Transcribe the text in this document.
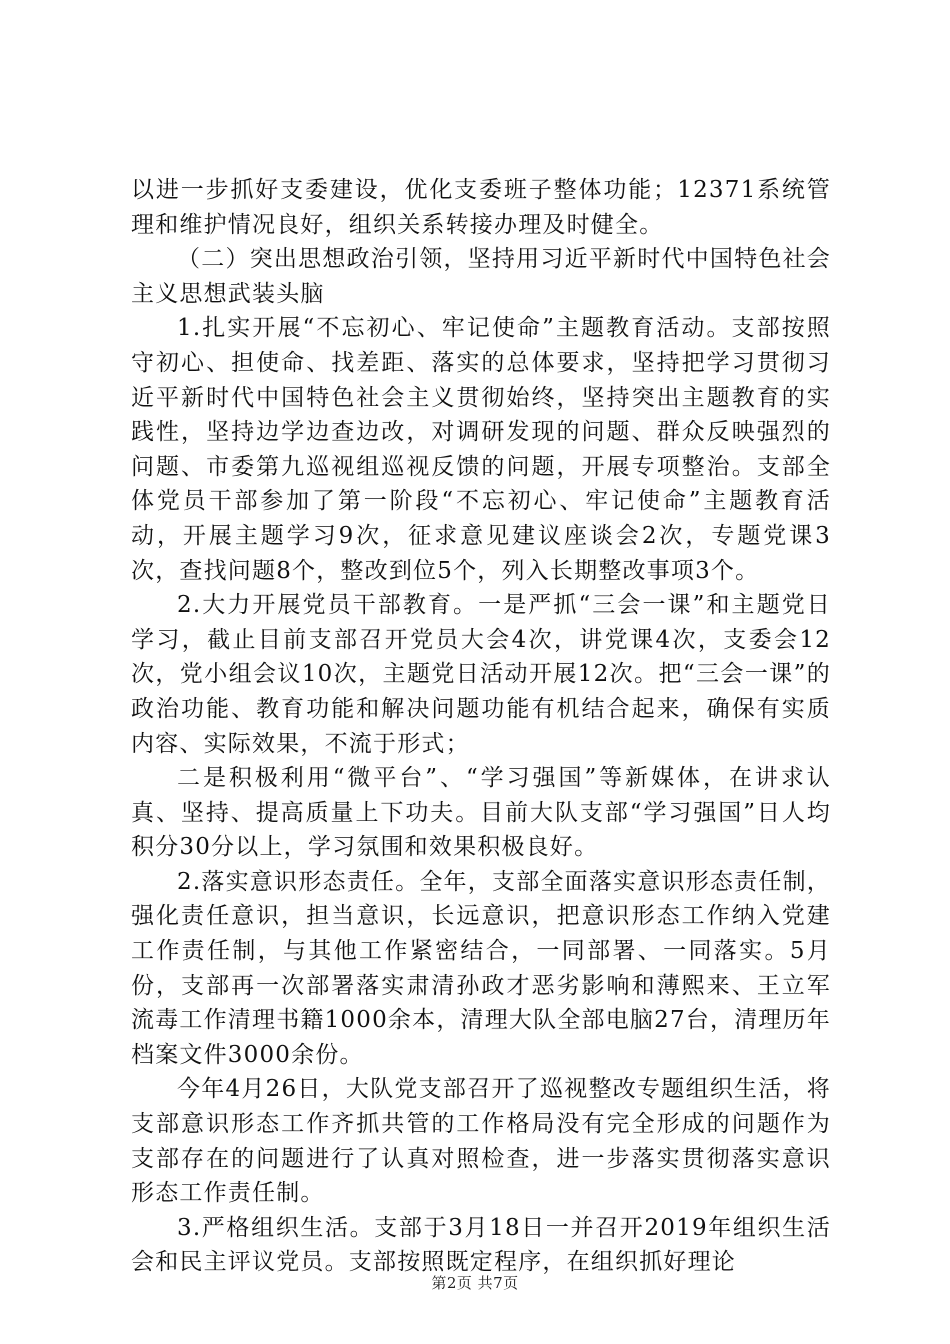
以进一步抓好支委建设，优化支委班子整体功能；12371系统管理和维护情况良好，组织关系转接办理及时健全。

（二）突出思想政治引领，坚持用习近平新时代中国特色社会主义思想武装头脑

1.扎实开展“不忘初心、牢记使命”主题教育活动。支部按照守初心、担使命、找差距、落实的总体要求，坚持把学习贯彻习近平新时代中国特色社会主义贯彻始终，坚持突出主题教育的实践性，坚持边学边查边改，对调研发现的问题、群众反映强烈的问题、市委第九巡视组巡视反馈的问题，开展专项整治。支部全体党员干部参加了第一阶段“不忘初心、牢记使命”主题教育活动，开展主题学习9次，征求意见建议座谈会2次，专题党课3次，查找问题8个，整改到位5个，列入长期整改事项3个。

2.大力开展党员干部教育。一是严抓“三会一课”和主题党日学习，截止目前支部召开党员大会4次，讲党课4次，支委会12次，党小组会议10次，主题党日活动开展12次。把“三会一课”的政治功能、教育功能和解决问题功能有机结合起来，确保有实质内容、实际效果，不流于形式；

二是积极利用“微平台”、“学习强国”等新媒体，在讲求认真、坚持、提高质量上下功夫。目前大队支部“学习强国”日人均积分30分以上，学习氛围和效果积极良好。

2.落实意识形态责任。全年，支部全面落实意识形态责任制，强化责任意识，担当意识，长远意识，把意识形态工作纳入党建工作责任制，与其他工作紧密结合，一同部署、一同落实。5月份，支部再一次部署落实肃清孙政才恶劣影响和薄熙来、王立军流毒工作清理书籍1000余本，清理大队全部电脑27台，清理历年档案文件3000余份。

今年4月26日，大队党支部召开了巡视整改专题组织生活，将支部意识形态工作齐抓共管的工作格局没有完全形成的问题作为支部存在的问题进行了认真对照检查，进一步落实贯彻落实意识形态工作责任制。

3.严格组织生活。支部于3月18日一并召开2019年组织生活会和民主评议党员。支部按照既定程序，在组织抓好理论

第2页 共7页
